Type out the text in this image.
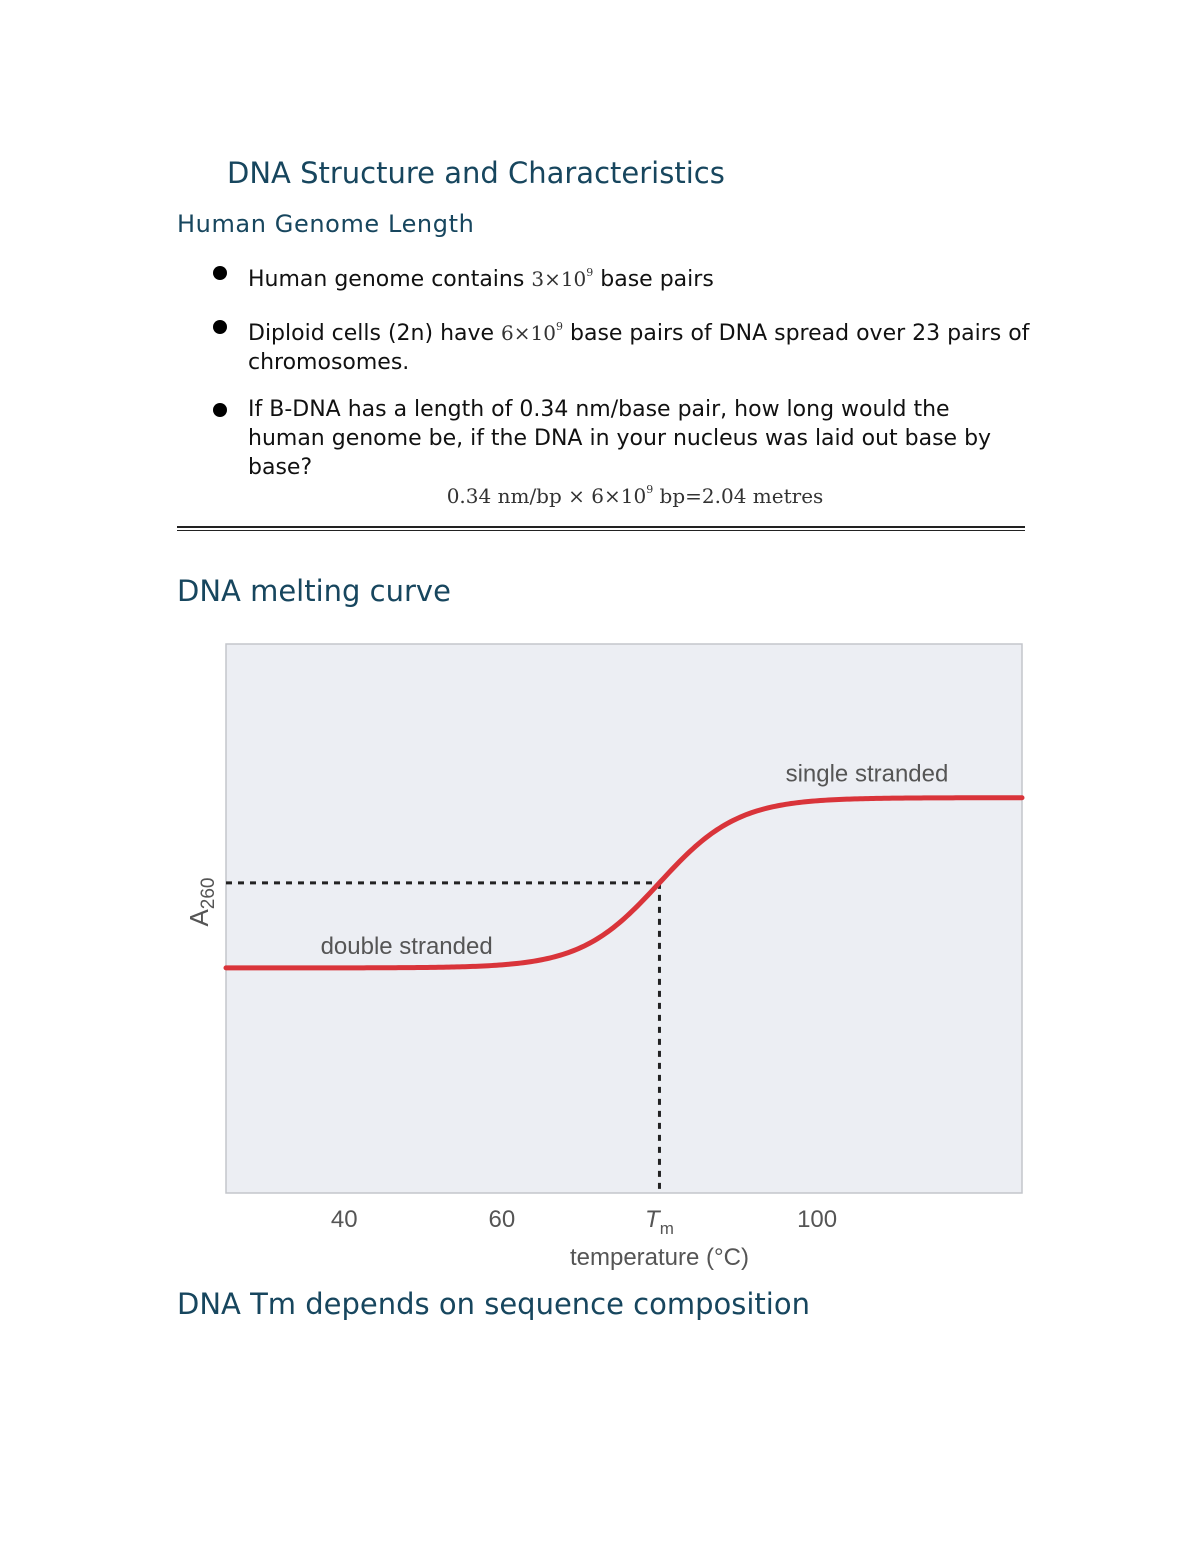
DNA Structure and Characteristics
Human Genome Length
Human genome contains $3\times 10^9$ base pairs
Diploid cells (2n) have $6\times 10^9$ base pairs of DNA spread over 23 pairs of chromosomes.
If B-DNA has a length of 0.34 nm/base pair, how long would the human genome be, if the DNA in your nucleus was laid out base by base?
0.34 $nm/bp \times 6\times 10^9$ bp=2.04 metres
DNA melting curve
double stranded
single stranded
40	60	$T_m$	100
temperature (°C)
$A_{260}$
DNA Tm depends on sequence composition
